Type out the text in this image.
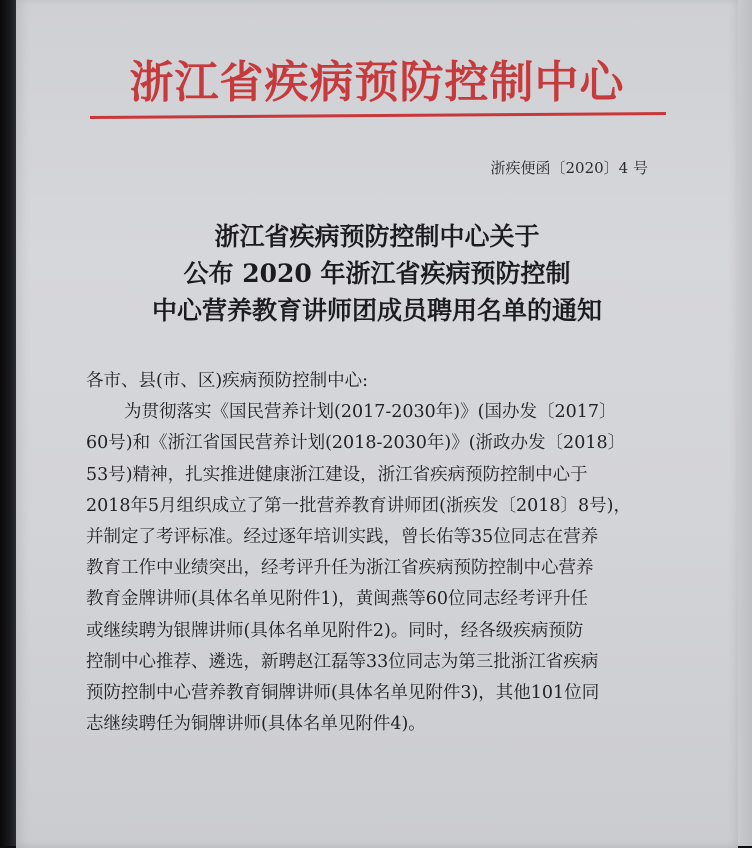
浙江省疾病预防控制中心
浙疾便函〔2020〕4 号
浙江省疾病预防控制中心关于
公布 2020 年浙江省疾病预防控制
中心营养教育讲师团成员聘用名单的通知
各市、县(市、区)疾病预防控制中心:
为贯彻落实《国民营养计划(2017-2030年)》(国办发〔2017〕
60号)和《浙江省国民营养计划(2018-2030年)》(浙政办发〔2018〕
53号)精神，扎实推进健康浙江建设，浙江省疾病预防控制中心于
2018年5月组织成立了第一批营养教育讲师团(浙疾发〔2018〕8号)，
并制定了考评标准。经过逐年培训实践，曾长佑等35位同志在营养
教育工作中业绩突出，经考评升任为浙江省疾病预防控制中心营养
教育金牌讲师(具体名单见附件1)，黄闽燕等60位同志经考评升任
或继续聘为银牌讲师(具体名单见附件2)。同时，经各级疾病预防
控制中心推荐、遴选，新聘赵江磊等33位同志为第三批浙江省疾病
预防控制中心营养教育铜牌讲师(具体名单见附件3)，其他101位同
志继续聘任为铜牌讲师(具体名单见附件4)。
